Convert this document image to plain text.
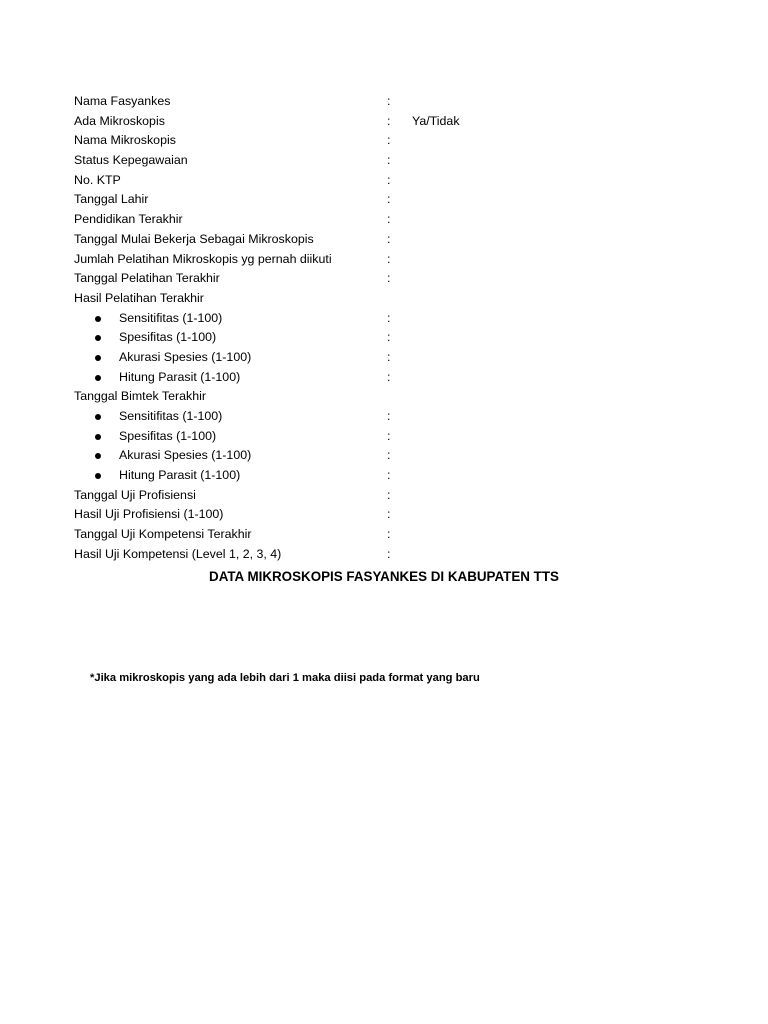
Nama Fasyankes	:
Ada Mikroskopis	: Ya/Tidak
Nama Mikroskopis	:
Status Kepegawaian	:
No. KTP	:
Tanggal Lahir	:
Pendidikan Terakhir	:
Tanggal Mulai Bekerja Sebagai Mikroskopis	:
Jumlah Pelatihan Mikroskopis yg pernah diikuti	:
Tanggal Pelatihan Terakhir	:
Hasil Pelatihan Terakhir
Sensitifitas (1-100)	:
Spesifitas (1-100)	:
Akurasi Spesies (1-100)	:
Hitung Parasit (1-100)	:
Tanggal Bimtek Terakhir
Sensitifitas (1-100)	:
Spesifitas (1-100)	:
Akurasi Spesies (1-100)	:
Hitung Parasit (1-100)	:
Tanggal Uji Profisiensi	:
Hasil Uji Profisiensi (1-100)	:
Tanggal Uji Kompetensi Terakhir	:
Hasil Uji Kompetensi (Level 1, 2, 3, 4)	:
DATA MIKROSKOPIS FASYANKES DI KABUPATEN TTS
*Jika mikroskopis yang ada lebih dari 1 maka diisi pada format yang baru
